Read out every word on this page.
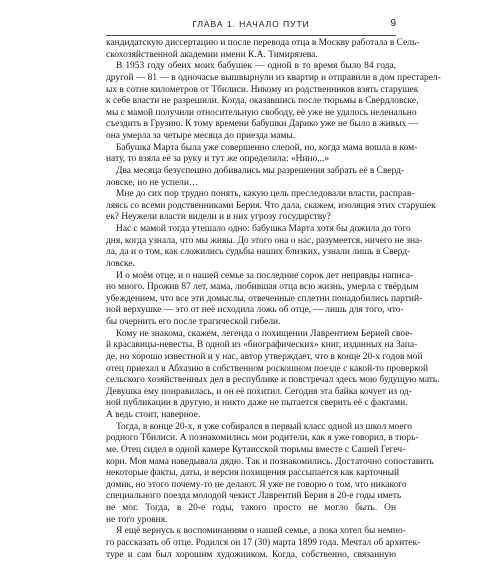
ГЛАВА 1. НАЧАЛО ПУТИ	9
кандидатскую диссертацию и после перевода отца в Москву работала в Сель-
скохозяйственной академии имени К.А. Тимирязева.
В 1953 году обеих моих бабушек — одной в то время было 84 года,
другой — 81 — в одночасье вышвырнули из квартир и отправили в дом престарел-
ых в сотне километров от Тбилиси. Никому из родственников взять старушек
к себе власти не разрешили. Когда, оказавшись после тюрьмы в Свердловске,
мы с мамой получили относительную свободу, её уже не удалось неленально
съездить в Грузию. К тому времени бабушки Дарико уже не было в живых —
она умерла за четыре месяца до приезда мамы.
Бабушка Марта была уже совершенно слепой, но, когда мама вошла в ком-
нату, то взяла её за руку и тут же определила: «Нино...»
Два месяца безуспешно добивались мы разрешения забрать её в Сверд-
ловске, но не успели…
Мне до сих пор трудно понять, какую цель преследовали власти, расправ-
ляясь со всеми родственниками Берия. Что дала, скажем, изоляция этих старушек
ек? Неужели власти видели и в них угрозу государству?
Нас с мамой тогда утешало одно: бабушка Марта хотя бы дожила до того
дня, когда узнала, что мы живы. До этого она о нас, разумеется, ничего не зна-
ла, да и о том, как сложились судьбы наших близких, узнали лишь в Сверд-
ловске.
И о моём отце, и о нашей семье за последние сорок лет неправды написа-
но много. Прожив 87 лет, мама, любившая отца всю жизнь, умерла с твёрдым
убеждением, что все эти домыслы, отвеченные сплетни понадобились партий-
ной верхушке — это от неё исходила ложь об отце, — лишь для того, что-
бы очернить его после трагической гибели.
Кому не знакома, скажем, легенда о похищении Лаврентием Берией свое-
й красавицы-невесты. В одной из «биографических» книг, изданных на Запа-
де, но хорошо известной и у нас, автор утверждает, что в конце 20-х годов мой
отец приехал в Абхазию в собственном роскошном поезде с какой-то проверкой
сельского хозяйственных дел в республике и повстречал здесь мою будущую мать.
Девушка ему понравилась, и он её похитил. Сегодня эта байка кочует из од-
ной публикации в другую, и никто даже не пытается сверить её с фактами.
А ведь стоит, наверное.
Тогда, в конце 20-х, я уже собирался в первый класс одной из школ моего
родного Тбилиси. А познакомились мои родители, как я уже говорил, в тюрь-
ме. Отец сидел в одной камере Кутаисской тюрьмы вместе с Сашей Гегеч-
кори. Моя мама наведывала дядю. Так и познакомились. Достаточно сопоставить
некоторые факты, даты, и версия похищения рассыпается как карточный
домик, но этого почему-то не делают. Я уже не говорю о том, что никакого
специального поезда молодой чекист Лаврентий Берия в 20-е годы иметь
не мог. Тогда, в 20-е годы, такого просто не могло быть. Он
не того уровня.
Я ещё вернусь к воспоминаниям о нашей семье, а пока хотел бы немно-
го рассказать об отце. Родился он 17 (30) марта 1899 года. Мечтал об архитек-
туре и сам был хорошим художником. Когда, собственно, связанную
